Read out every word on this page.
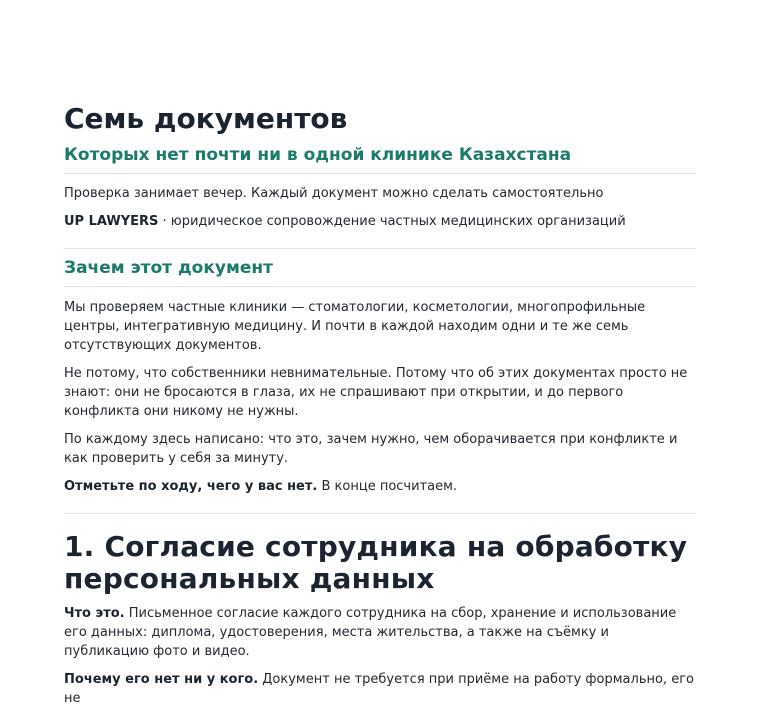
Семь документов
Которых нет почти ни в одной клинике Казахстана

Проверка занимает вечер. Каждый документ можно сделать самостоятельно

UP LAWYERS · юридическое сопровождение частных медицинских организаций

Зачем этот документ

Мы проверяем частные клиники — стоматологии, косметологии, многопрофильные центры, интегративную медицину. И почти в каждой находим одни и те же семь отсутствующих документов.

Не потому, что собственники невнимательные. Потому что об этих документах просто не знают: они не бросаются в глаза, их не спрашивают при открытии, и до первого конфликта они никому не нужны.

По каждому здесь написано: что это, зачем нужно, чем оборачивается при конфликте и как проверить у себя за минуту.

Отметьте по ходу, чего у вас нет. В конце посчитаем.

1. Согласие сотрудника на обработку персональных данных

Что это. Письменное согласие каждого сотрудника на сбор, хранение и использование его данных: диплома, удостоверения, места жительства, а также на съёмку и публикацию фото и видео.

Почему его нет ни у кого. Документ не требуется при приёме на работу формально, его не
